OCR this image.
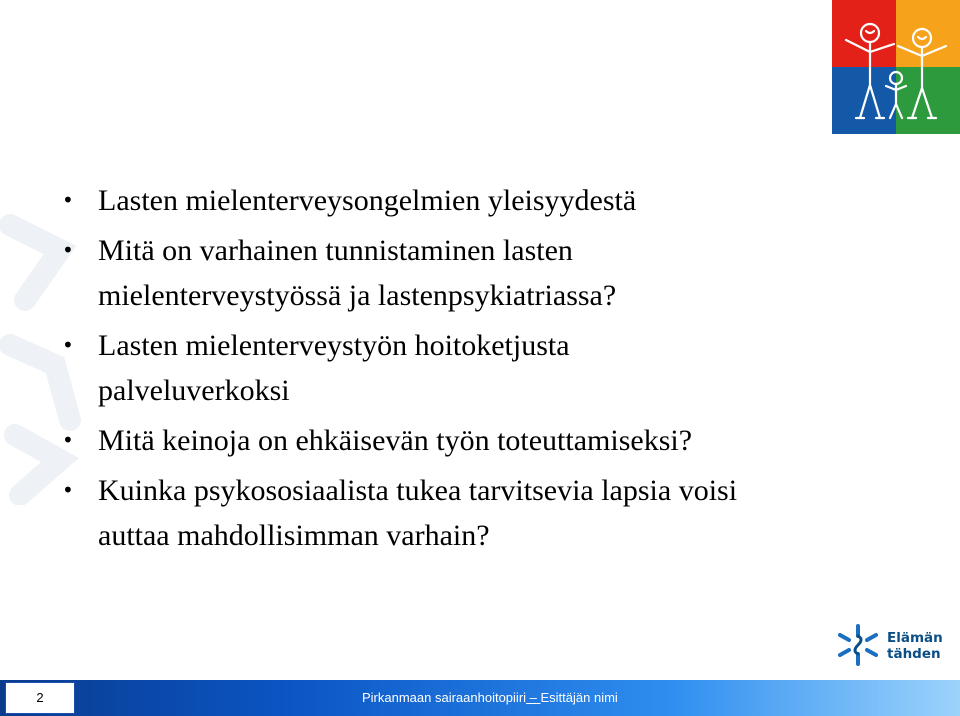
• Lasten mielenterveysongelmien yleisyydestä
• Mitä on varhainen tunnistaminen lasten
mielenterveystyössä ja lastenpsykiatriassa?
• Lasten mielenterveystyön hoitoketjusta
palveluverkoksi
• Mitä keinoja on ehkäisevän työn toteuttamiseksi?
• Kuinka psykososiaalista tukea tarvitsevia lapsia voisi
auttaa mahdollisimman varhain?
Elämän
tähden
2	Pirkanmaan sairaanhoitopiiri – Esittäjän nimi
